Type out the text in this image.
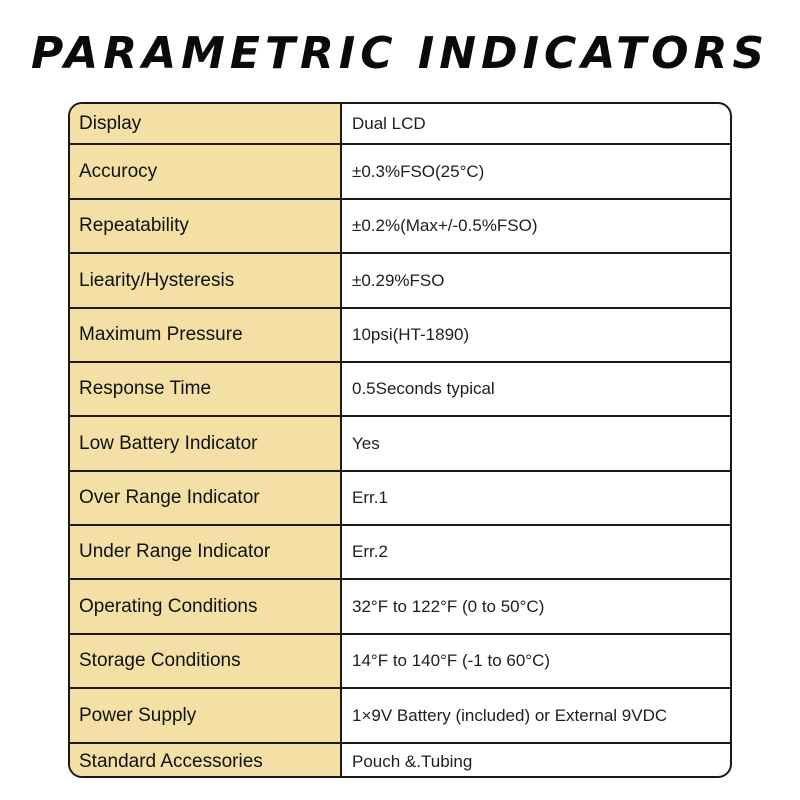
PARAMETRIC INDICATORS
Display	Dual LCD
Accurocy	±0.3%FSO(25°C)
Repeatability	±0.2%(Max+/-0.5%FSO)
Liearity/Hysteresis	±0.29%FSO
Maximum Pressure	10psi(HT-1890)
Response Time	0.5Seconds typical
Low Battery Indicator	Yes
Over Range Indicator	Err.1
Under Range Indicator	Err.2
Operating Conditions	32°F to 122°F (0 to 50°C)
Storage Conditions	14°F to 140°F (-1 to 60°C)
Power Supply	1×9V Battery (included) or External 9VDC
Standard Accessories	Pouch &.Tubing
